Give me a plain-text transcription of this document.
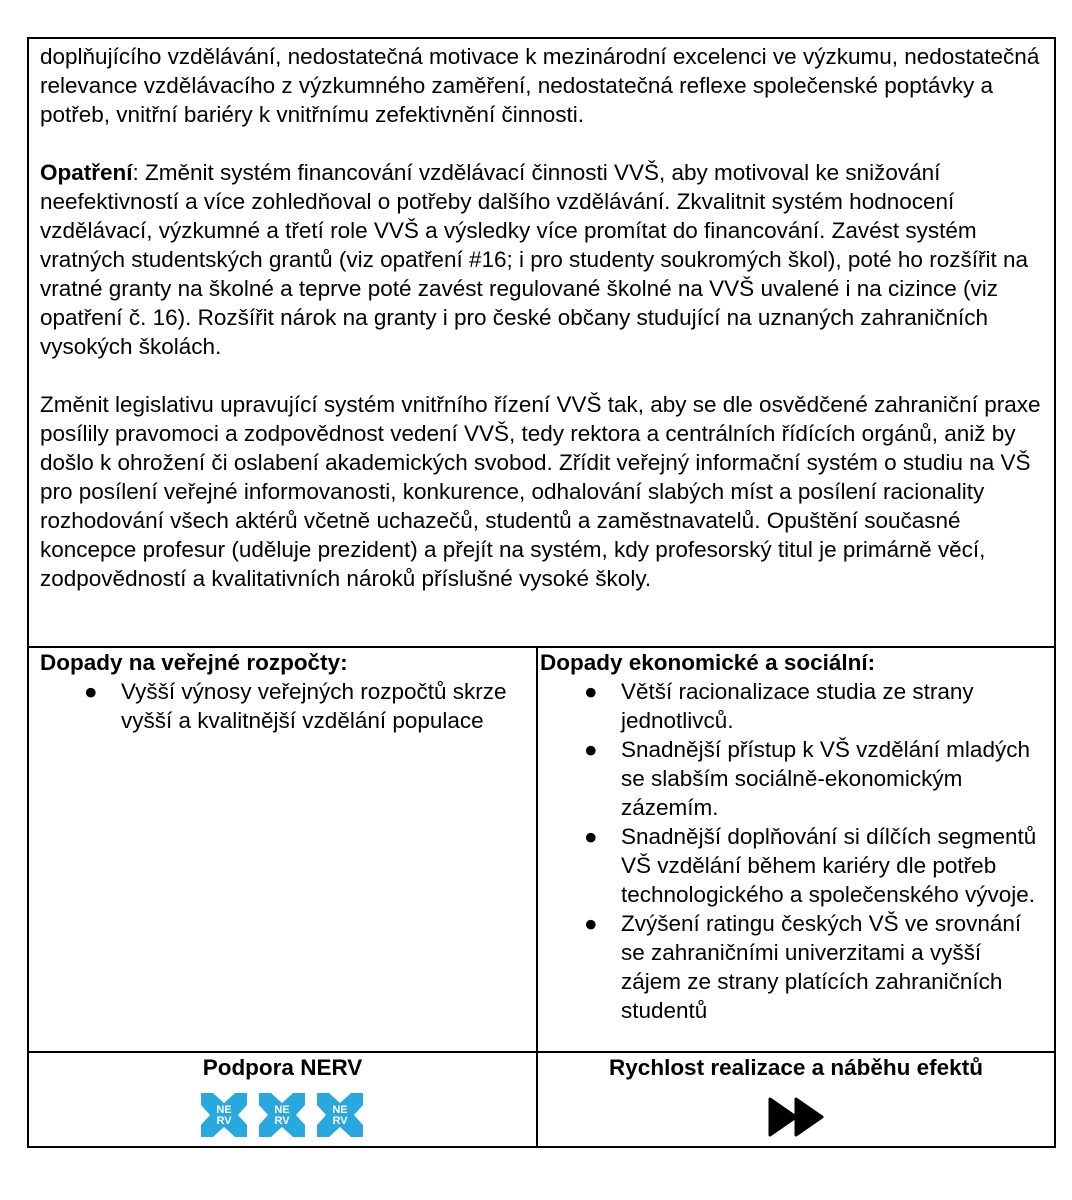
doplňujícího vzdělávání, nedostatečná motivace k mezinárodní excelenci ve výzkumu, nedostatečná relevance vzdělávacího z výzkumného zaměření, nedostatečná reflexe společenské poptávky a potřeb, vnitřní bariéry k vnitřnímu zefektivnění činnosti.

Opatření: Změnit systém financování vzdělávací činnosti VVŠ, aby motivoval ke snižování neefektivností a více zohledňoval o potřeby dalšího vzdělávání. Zkvalitnit systém hodnocení vzdělávací, výzkumné a třetí role VVŠ a výsledky více promítat do financování. Zavést systém vratných studentských grantů (viz opatření #16; i pro studenty soukromých škol), poté ho rozšířit na vratné granty na školné a teprve poté zavést regulované školné na VVŠ uvalené i na cizince (viz opatření č. 16). Rozšířit nárok na granty i pro české občany studující na uznaných zahraničních vysokých školách.

Změnit legislativu upravující systém vnitřního řízení VVŠ tak, aby se dle osvědčené zahraniční praxe posílily pravomoci a zodpovědnost vedení VVŠ, tedy rektora a centrálních řídících orgánů, aniž by došlo k ohrožení či oslabení akademických svobod. Zřídit veřejný informační systém o studiu na VŠ pro posílení veřejné informovanosti, konkurence, odhalování slabých míst a posílení racionality rozhodování všech aktérů včetně uchazečů, studentů a zaměstnavatelů. Opuštění současné koncepce profesur (uděluje prezident) a přejít na systém, kdy profesorský titul je primárně věcí, zodpovědností a kvalitativních nároků příslušné vysoké školy.

Dopady na veřejné rozpočty:
● Vyšší výnosy veřejných rozpočtů skrze vyšší a kvalitnější vzdělání populace
Dopady ekonomické a sociální:
● Větší racionalizace studia ze strany jednotlivců.
● Snadnější přístup k VŠ vzdělání mladých se slabším sociálně-ekonomickým zázemím.
● Snadnější doplňování si dílčích segmentů VŠ vzdělání během kariéry dle potřeb technologického a společenského vývoje.
● Zvýšení ratingu českých VŠ ve srovnání se zahraničními univerzitami a vyšší zájem ze strany platících zahraničních studentů

Podpora NERV

NE
RV
NE
RV
NE
RV

Rychlost realizace a náběhu efektů
